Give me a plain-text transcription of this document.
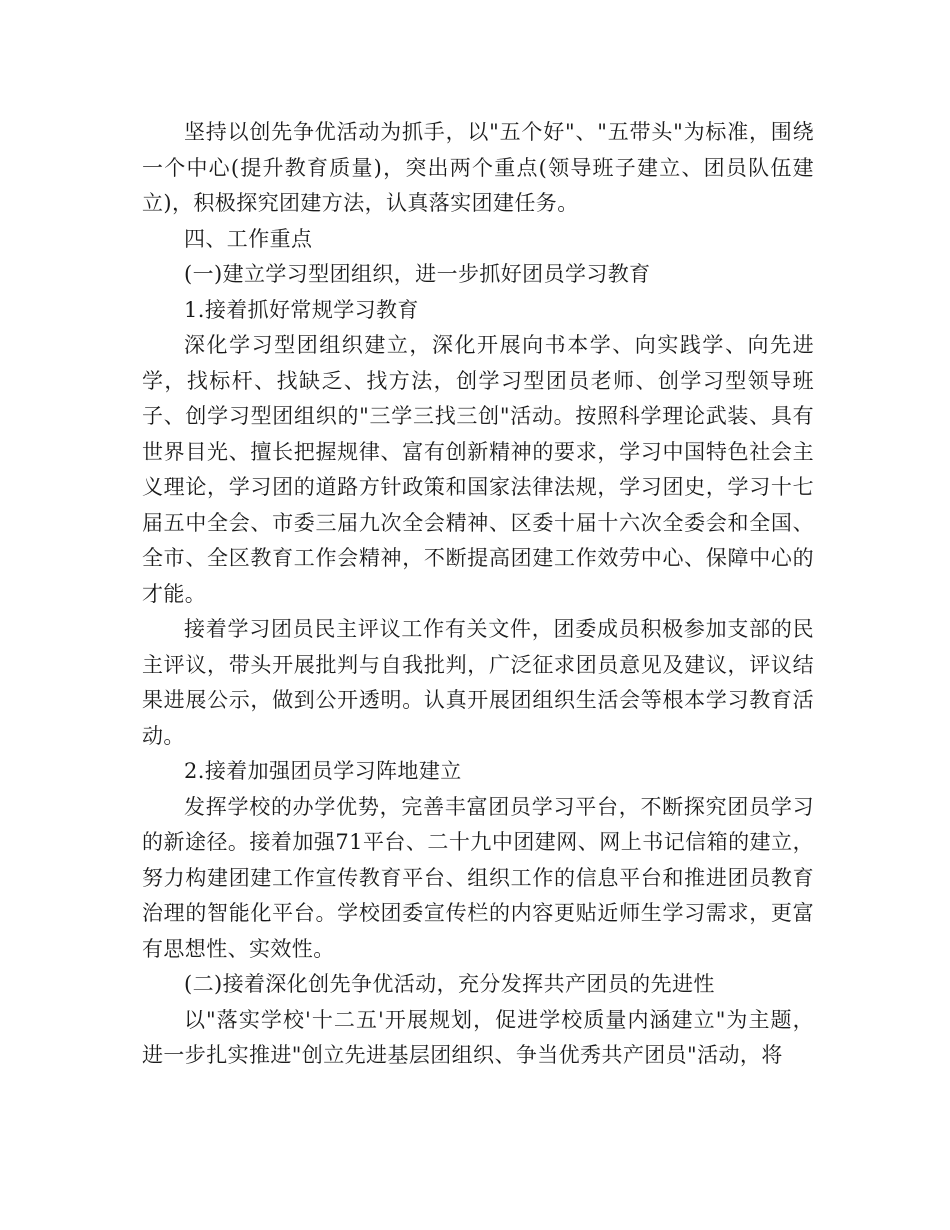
坚持以创先争优活动为抓手，以"五个好"、"五带头"为标准，围绕一个中心(提升教育质量)，突出两个重点(领导班子建立、团员队伍建立)，积极探究团建方法，认真落实团建任务。

四、工作重点

(一)建立学习型团组织，进一步抓好团员学习教育

1.接着抓好常规学习教育

深化学习型团组织建立，深化开展向书本学、向实践学、向先进学，找标杆、找缺乏、找方法，创学习型团员老师、创学习型领导班子、创学习型团组织的"三学三找三创"活动。按照科学理论武装、具有世界目光、擅长把握规律、富有创新精神的要求，学习中国特色社会主义理论，学习团的道路方针政策和国家法律法规，学习团史，学习十七届五中全会、市委三届九次全会精神、区委十届十六次全委会和全国、全市、全区教育工作会精神，不断提高团建工作效劳中心、保障中心的才能。

接着学习团员民主评议工作有关文件，团委成员积极参加支部的民主评议，带头开展批判与自我批判，广泛征求团员意见及建议，评议结果进展公示，做到公开透明。认真开展团组织生活会等根本学习教育活动。

2.接着加强团员学习阵地建立

发挥学校的办学优势，完善丰富团员学习平台，不断探究团员学习的新途径。接着加强71平台、二十九中团建网、网上书记信箱的建立，努力构建团建工作宣传教育平台、组织工作的信息平台和推进团员教育治理的智能化平台。学校团委宣传栏的内容更贴近师生学习需求，更富有思想性、实效性。

(二)接着深化创先争优活动，充分发挥共产团员的先进性

以"落实学校'十二五'开展规划，促进学校质量内涵建立"为主题，进一步扎实推进"创立先进基层团组织、争当优秀共产团员"活动，将
